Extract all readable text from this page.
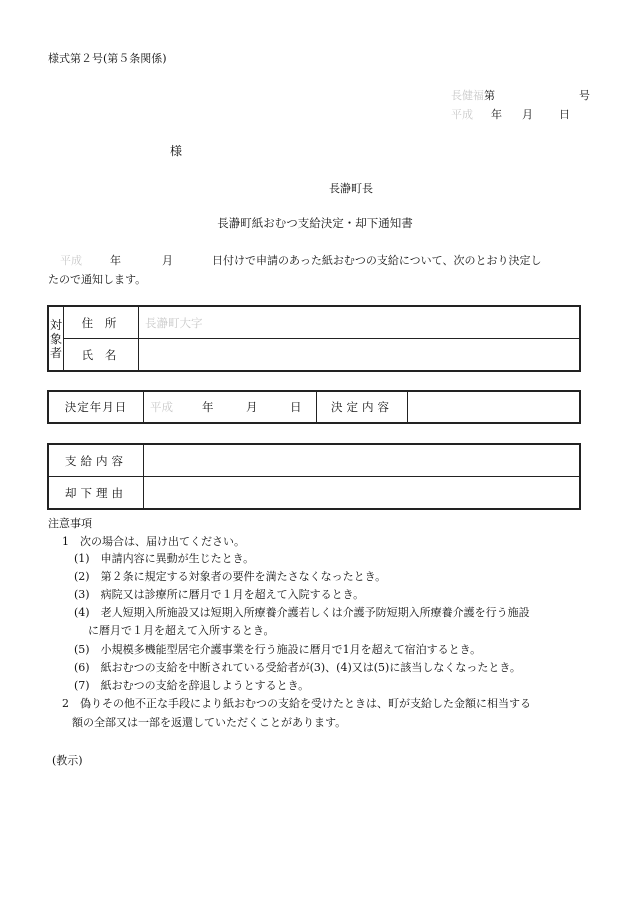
様式第２号(第５条関係)
長健福第	号
平成 年 月 日
様
長瀞町長
長瀞町紙おむつ支給決定・却下通知書
平成	年	月	日付けで申請のあった紙おむつの支給について、次のとおり決定し
たので通知します。
対
象
者	住 所	長瀞町大字
	氏 名	
決定年月日	平成	年	月	日	決定内容	
支給内容	
却下理由	
注意事項
1　次の場合は、届け出てください。
(1)　申請内容に異動が生じたとき。
(2)　第２条に規定する対象者の要件を満たさなくなったとき。
(3)　病院又は診療所に暦月で１月を超えて入院するとき。
(4)　老人短期入所施設又は短期入所療養介護若しくは介護予防短期入所療養介護を行う施設
に暦月で１月を超えて入所するとき。
(5)　小規模多機能型居宅介護事業を行う施設に暦月で1月を超えて宿泊するとき。
(6)　紙おむつの支給を中断されている受給者が(3)、(4)又は(5)に該当しなくなったとき。
(7)　紙おむつの支給を辞退しようとするとき。
2　偽りその他不正な手段により紙おむつの支給を受けたときは、町が支給した金額に相当する
額の全部又は一部を返還していただくことがあります。
(教示)
